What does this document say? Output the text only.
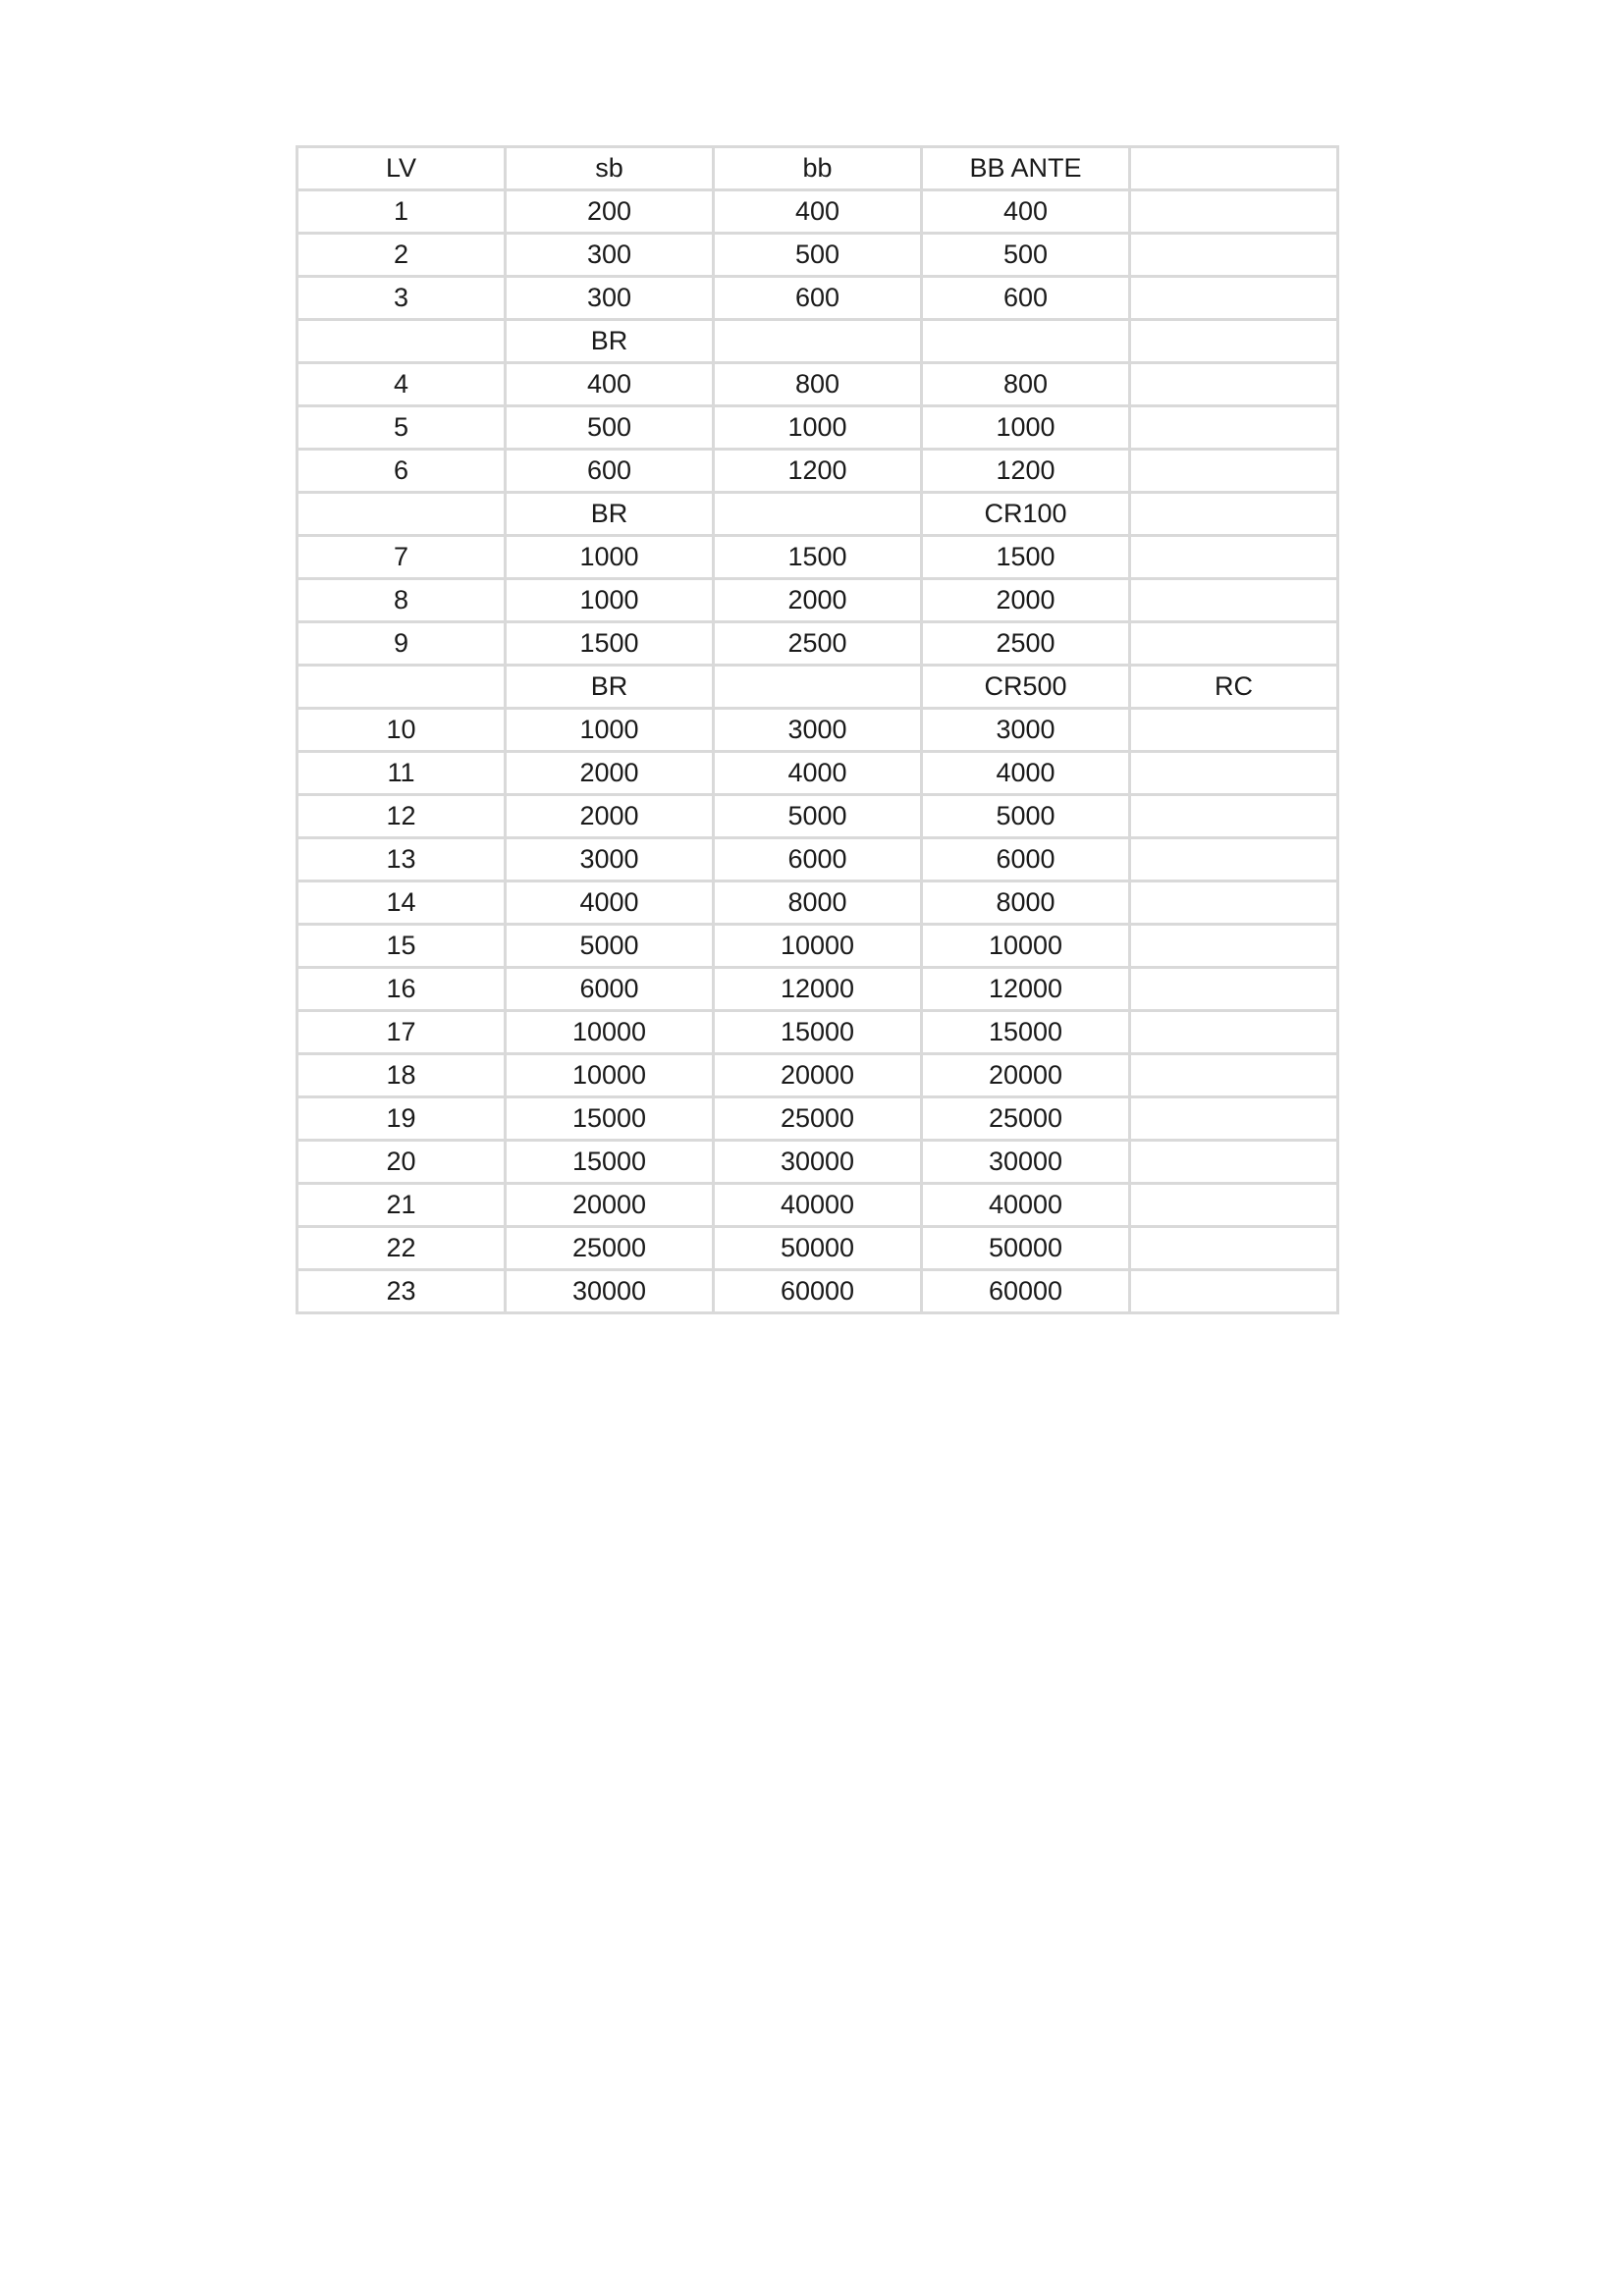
LV	sb	bb	BB ANTE	
1	200	400	400	
2	300	500	500	
3	300	600	600	
	BR			
4	400	800	800	
5	500	1000	1000	
6	600	1200	1200	
	BR		CR100	
7	1000	1500	1500	
8	1000	2000	2000	
9	1500	2500	2500	
	BR		CR500	RC
10	1000	3000	3000	
11	2000	4000	4000	
12	2000	5000	5000	
13	3000	6000	6000	
14	4000	8000	8000	
15	5000	10000	10000	
16	6000	12000	12000	
17	10000	15000	15000	
18	10000	20000	20000	
19	15000	25000	25000	
20	15000	30000	30000	
21	20000	40000	40000	
22	25000	50000	50000	
23	30000	60000	60000	
